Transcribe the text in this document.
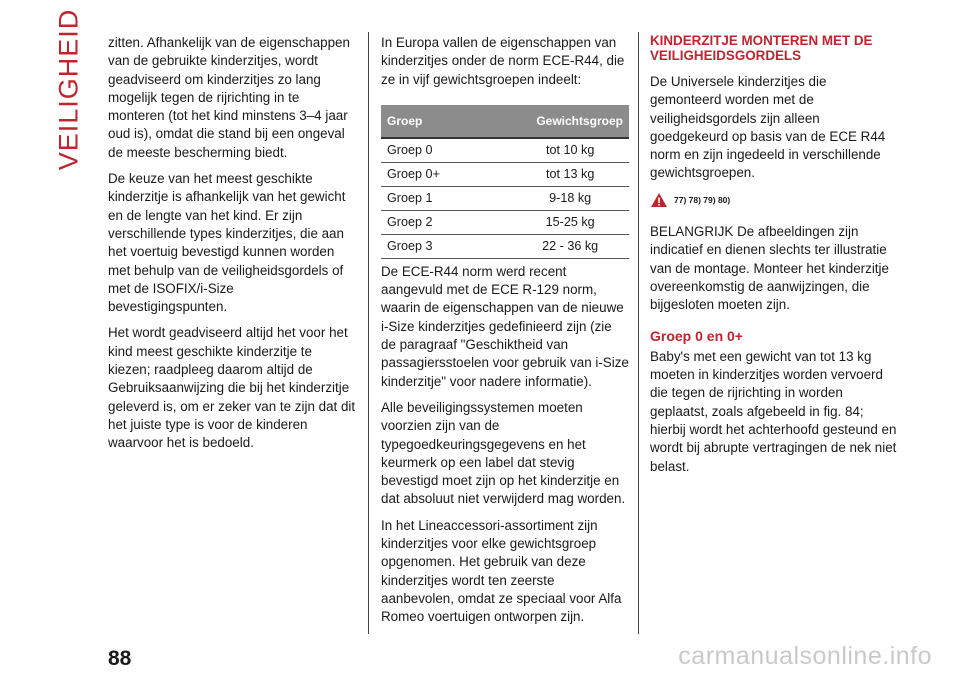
VEILIGHEID zitten. Afhankelijk van de eigenschappen van de gebruikte kinderzitjes, wordt geadviseerd om kinderzitjes zo lang mogelijk tegen de rijrichting in te monteren (tot het kind minstens 3–4 jaar oud is), omdat die stand bij een ongeval de meeste bescherming biedt.

De keuze van het meest geschikte kinderzitje is afhankelijk van het gewicht en de lengte van het kind. Er zijn verschillende types kinderzitjes, die aan het voertuig bevestigd kunnen worden met behulp van de veiligheidsgordels of met de ISOFIX/i-Size bevestigingspunten.

Het wordt geadviseerd altijd het voor het kind meest geschikte kinderzitje te kiezen; raadpleeg daarom altijd de Gebruiksaanwijzing die bij het kinderzitje geleverd is, om er zeker van te zijn dat dit het juiste type is voor de kinderen waarvoor het is bedoeld.

In Europa vallen de eigenschappen van kinderzitjes onder de norm ECE-R44, die ze in vijf gewichtsgroepen indeelt:

Groep	Gewichtsgroep
Groep 0	tot 10 kg
Groep 0+	tot 13 kg
Groep 1	9-18 kg
Groep 2	15-25 kg
Groep 3	22 - 36 kg

De ECE-R44 norm werd recent aangevuld met de ECE R-129 norm, waarin de eigenschappen van de nieuwe i-Size kinderzitjes gedefinieerd zijn (zie de paragraaf "Geschiktheid van passagiersstoelen voor gebruik van i-Size kinderzitje" voor nadere informatie).

Alle beveiligingssystemen moeten voorzien zijn van de typegoedkeuringsgegevens en het keurmerk op een label dat stevig bevestigd moet zijn op het kinderzitje en dat absoluut niet verwijderd mag worden.

In het Lineaccessori-assortiment zijn kinderzitjes voor elke gewichtsgroep opgenomen. Het gebruik van deze kinderzitjes wordt ten zeerste aanbevolen, omdat ze speciaal voor Alfa Romeo voertuigen ontworpen zijn.

KINDERZITJE MONTEREN MET DE VEILIGHEIDSGORDELS

De Universele kinderzitjes die gemonteerd worden met de veiligheidsgordels zijn alleen goedgekeurd op basis van de ECE R44 norm en zijn ingedeeld in verschillende gewichtsgroepen.

77) 78) 79) 80)

BELANGRIJK De afbeeldingen zijn indicatief en dienen slechts ter illustratie van de montage. Monteer het kinderzitje overeenkomstig de aanwijzingen, die bijgesloten moeten zijn.

Groep 0 en 0+

Baby's met een gewicht van tot 13 kg moeten in kinderzitjes worden vervoerd die tegen de rijrichting in worden geplaatst, zoals afgebeeld in fig. 84; hierbij wordt het achterhoofd gesteund en wordt bij abrupte vertragingen de nek niet belast.

88	carmanualsonline.info
